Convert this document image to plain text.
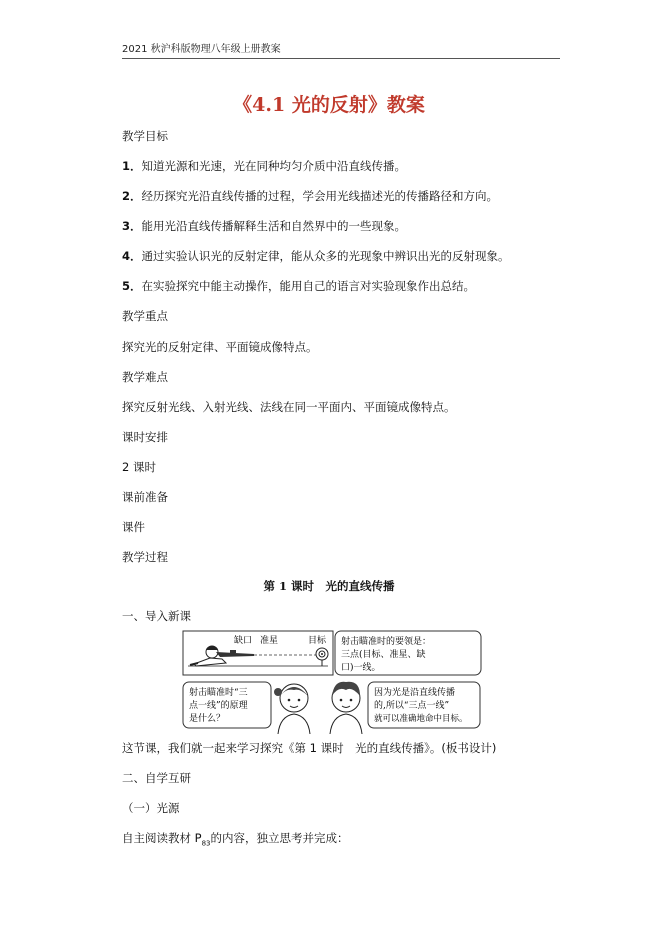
2021 秋沪科版物理八年级上册教案
《4.1 光的反射》教案
教学目标
1．知道光源和光速，光在同种均匀介质中沿直线传播。
2．经历探究光沿直线传播的过程，学会用光线描述光的传播路径和方向。
3．能用光沿直线传播解释生活和自然界中的一些现象。
4．通过实验认识光的反射定律，能从众多的光现象中辨识出光的反射现象。
5．在实验探究中能主动操作，能用自己的语言对实验现象作出总结。
教学重点
探究光的反射定律、平面镜成像特点。
教学难点
探究反射光线、入射光线、法线在同一平面内、平面镜成像特点。
课时安排
2 课时
课前准备
课件
教学过程
第 1 课时　光的直线传播
一、导入新课
缺口 准星	目标 射击瞄准时的要领是： 三点(目标、准星、缺 口)一线。
射击瞄准时“三 点一线”的原理 是什么？
因为光是沿直线传播 的,所以“三点一线” 就可以准确地命中目标。
这节课，我们就一起来学习探究《第 1 课时　光的直线传播》。(板书设计)
二、自学互研
（一）光源
自主阅读教材 $P_{83}$的内容，独立思考并完成：
